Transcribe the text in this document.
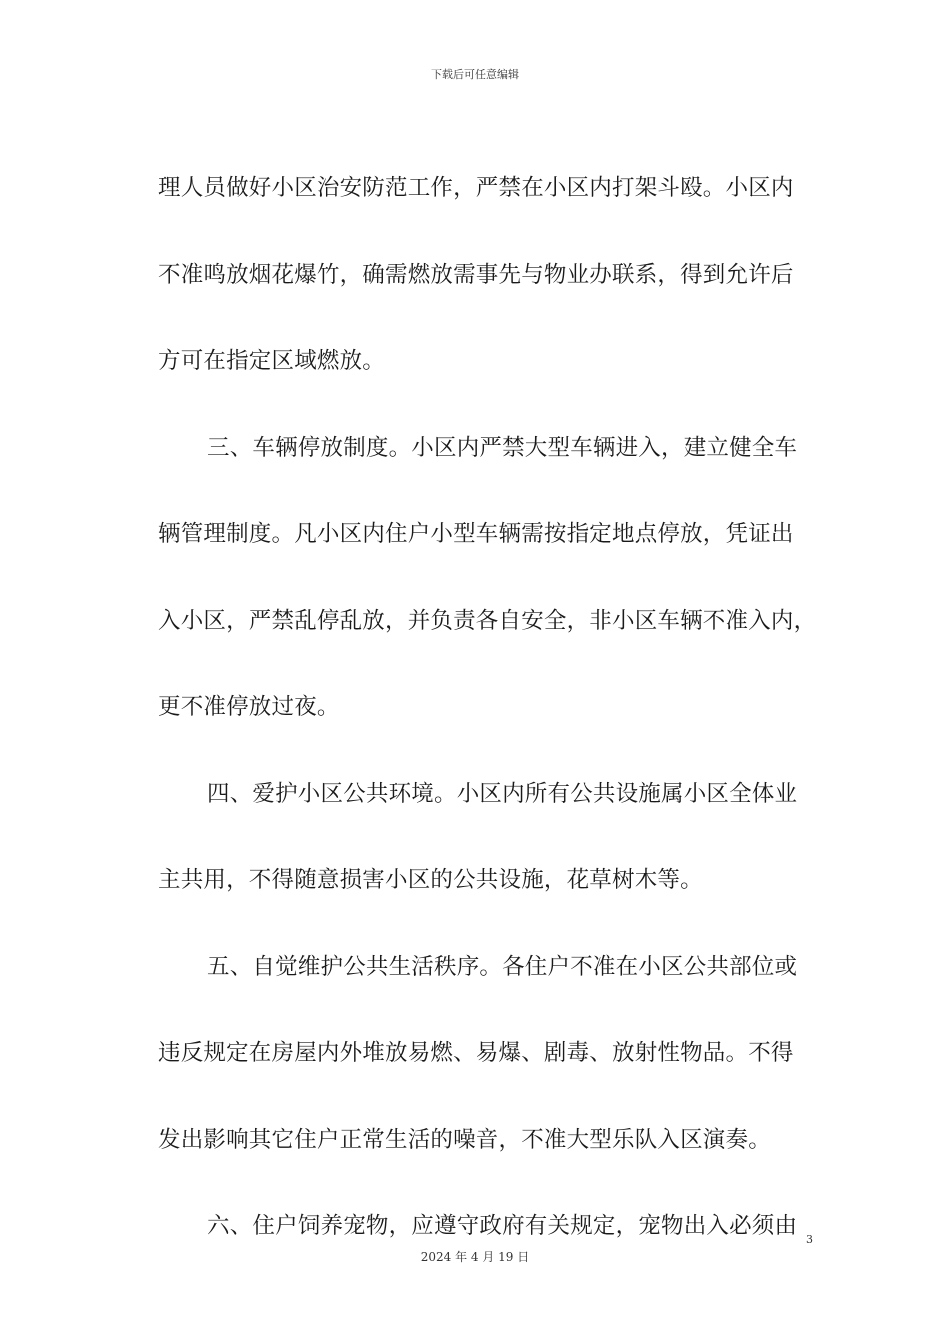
下载后可任意编辑
理人员做好小区治安防范工作，严禁在小区内打架斗殴。小区内
不准鸣放烟花爆竹，确需燃放需事先与物业办联系，得到允许后
方可在指定区域燃放。
三、车辆停放制度。小区内严禁大型车辆进入，建立健全车
辆管理制度。凡小区内住户小型车辆需按指定地点停放，凭证出
入小区，严禁乱停乱放，并负责各自安全，非小区车辆不准入内，
更不准停放过夜。
四、爱护小区公共环境。小区内所有公共设施属小区全体业
主共用，不得随意损害小区的公共设施，花草树木等。
五、自觉维护公共生活秩序。各住户不准在小区公共部位或
违反规定在房屋内外堆放易燃、易爆、剧毒、放射性物品。不得
发出影响其它住户正常生活的噪音，不准大型乐队入区演奏。
六、住户饲养宠物，应遵守政府有关规定，宠物出入必须由
3
2024 年 4 月 19 日
